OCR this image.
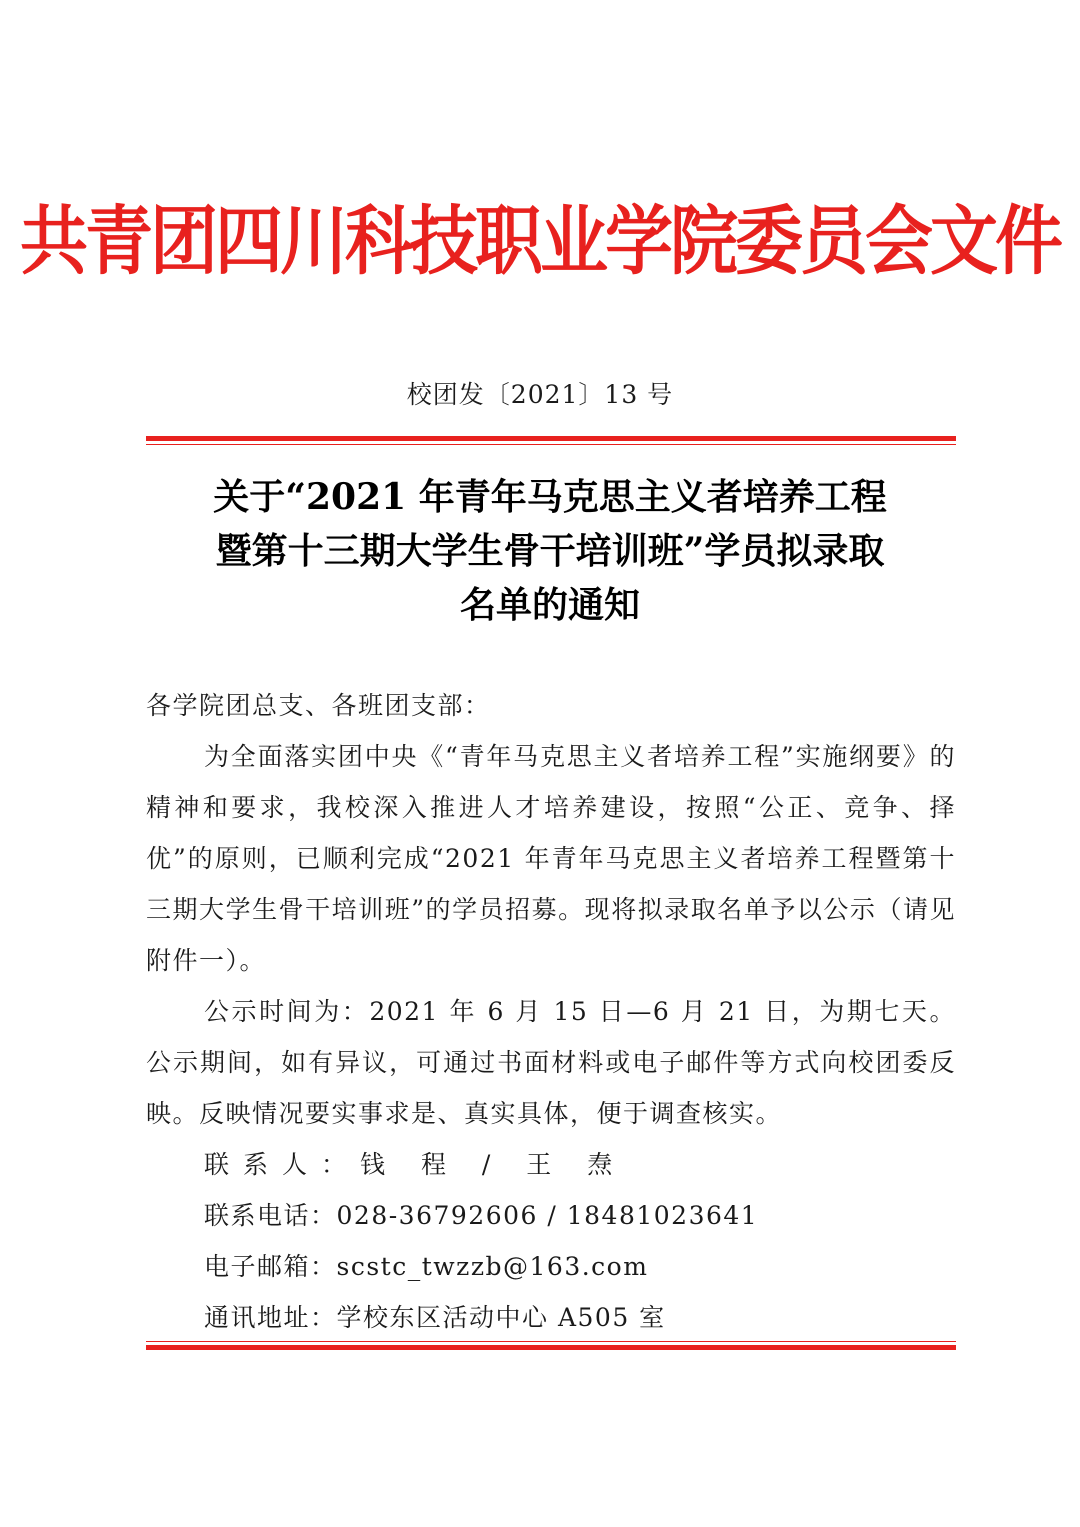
共青团四川科技职业学院委员会文件
校团发〔2021〕13 号
关于“2021 年青年马克思主义者培养工程
暨第十三期大学生骨干培训班”学员拟录取
名单的通知

各学院团总支、各班团支部：

为全面落实团中央《“青年马克思主义者培养工程”实施纲要》的精神和要求，我校深入推进人才培养建设，按照“公正、竞争、择优”的原则，已顺利完成“2021 年青年马克思主义者培养工程暨第十三期大学生骨干培训班”的学员招募。现将拟录取名单予以公示（请见附件一）。

公示时间为：2021 年 6 月 15 日—6 月 21 日，为期七天。公示期间，如有异议，可通过书面材料或电子邮件等方式向校团委反映。反映情况要实事求是、真实具体，便于调查核实。

联系人：钱 程 / 王 焘

联系电话：028-36792606 / 18481023641

电子邮箱：scstc_twzzb@163.com

通讯地址：学校东区活动中心 A505 室
